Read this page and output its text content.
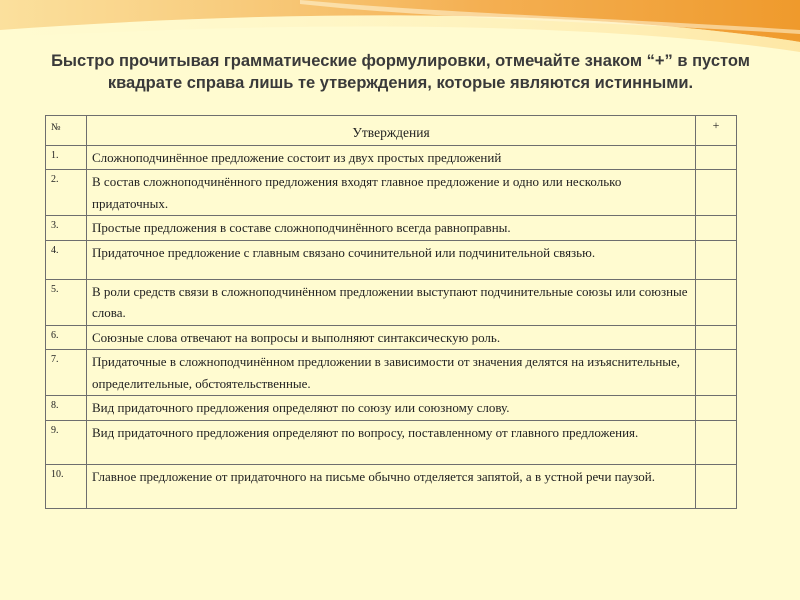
Быстро прочитывая грамматические формулировки, отмечайте знаком “+” в пустом квадрате справа лишь те утверждения, которые являются истинными.
№	Утверждения	+
1.	Сложноподчинённое предложение состоит из двух простых предложений	
2.	В состав сложноподчинённого предложения входят главное предложение и одно или несколько придаточных.	
3.	Простые предложения в составе сложноподчинённого всегда равноправны.	
4.	Придаточное предложение с главным связано сочинительной или подчинительной связью.	
5.	В роли средств связи в сложноподчинённом предложении выступают подчинительные союзы или союзные слова.	
6.	Союзные слова отвечают на вопросы и выполняют синтаксическую роль.	
7.	Придаточные в сложноподчинённом предложении в зависимости от значения делятся на изъяснительные, определительные, обстоятельственные.	
8.	Вид придаточного предложения определяют по союзу или союзному слову.	
9.	Вид придаточного предложения определяют по вопросу, поставленному от главного предложения.	
10.	Главное предложение от придаточного на письме обычно отделяется запятой, а в устной речи паузой.	
